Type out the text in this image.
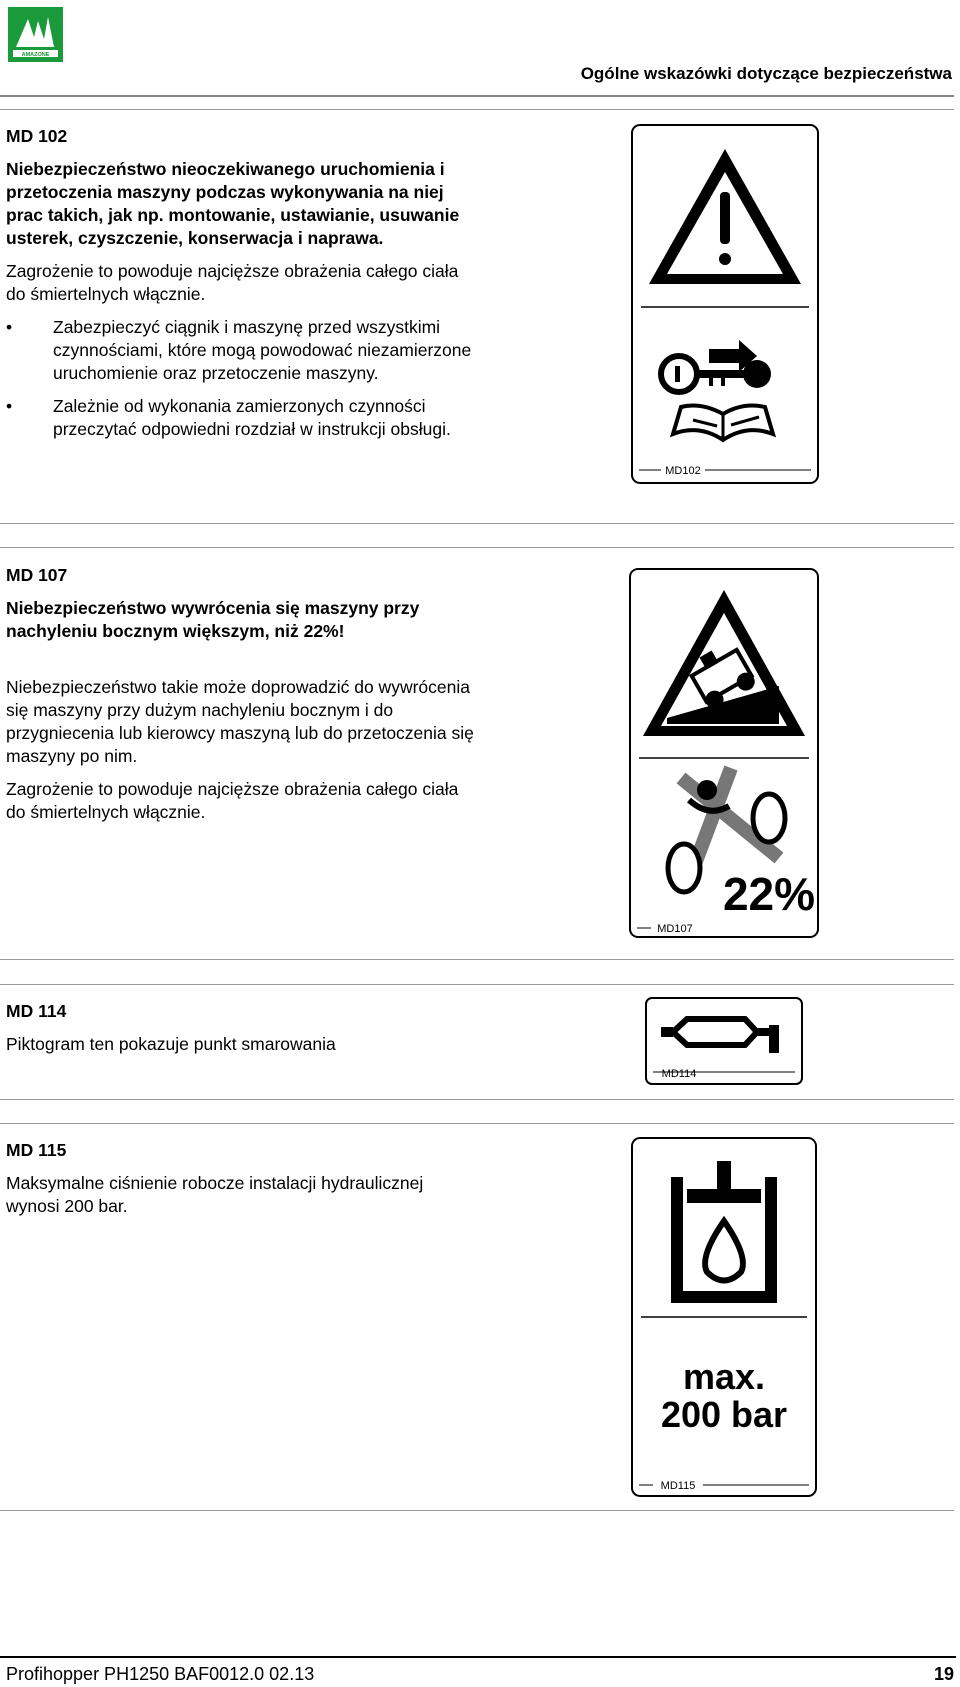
AMAZONE
Ogólne wskazówki dotyczące bezpieczeństwa
MD 102

Niebezpieczeństwo nieoczekiwanego uruchomienia i przetoczenia maszyny podczas wykonywania na niej prac takich, jak np. montowanie, ustawianie, usuwanie usterek, czyszczenie, konserwacja i naprawa.

Zagrożenie to powoduje najcięższe obrażenia całego ciała do śmiertelnych włącznie.

• Zabezpieczyć ciągnik i maszynę przed wszystkimi czynnościami, które mogą powodować niezamierzone uruchomienie oraz przetoczenie maszyny.
• Zależnie od wykonania zamierzonych czynności przeczytać odpowiedni rozdział w instrukcji obsługi.
MD102
MD 107

Niebezpieczeństwo wywrócenia się maszyny przy nachyleniu bocznym większym, niż 22%!

Niebezpieczeństwo takie może doprowadzić do wywrócenia się maszyny przy dużym nachyleniu bocznym i do przygniecenia lub kierowcy maszyną lub do przetoczenia się maszyny po nim.

Zagrożenie to powoduje najcięższe obrażenia całego ciała do śmiertelnych włącznie.

22%
MD107
MD 114

Piktogram ten pokazuje punkt smarowania

MD114
MD 115

Maksymalne ciśnienie robocze instalacji hydraulicznej wynosi 200 bar.

max.
200 bar
MD115
Profihopper PH1250 BAF0012.0 02.13	19
